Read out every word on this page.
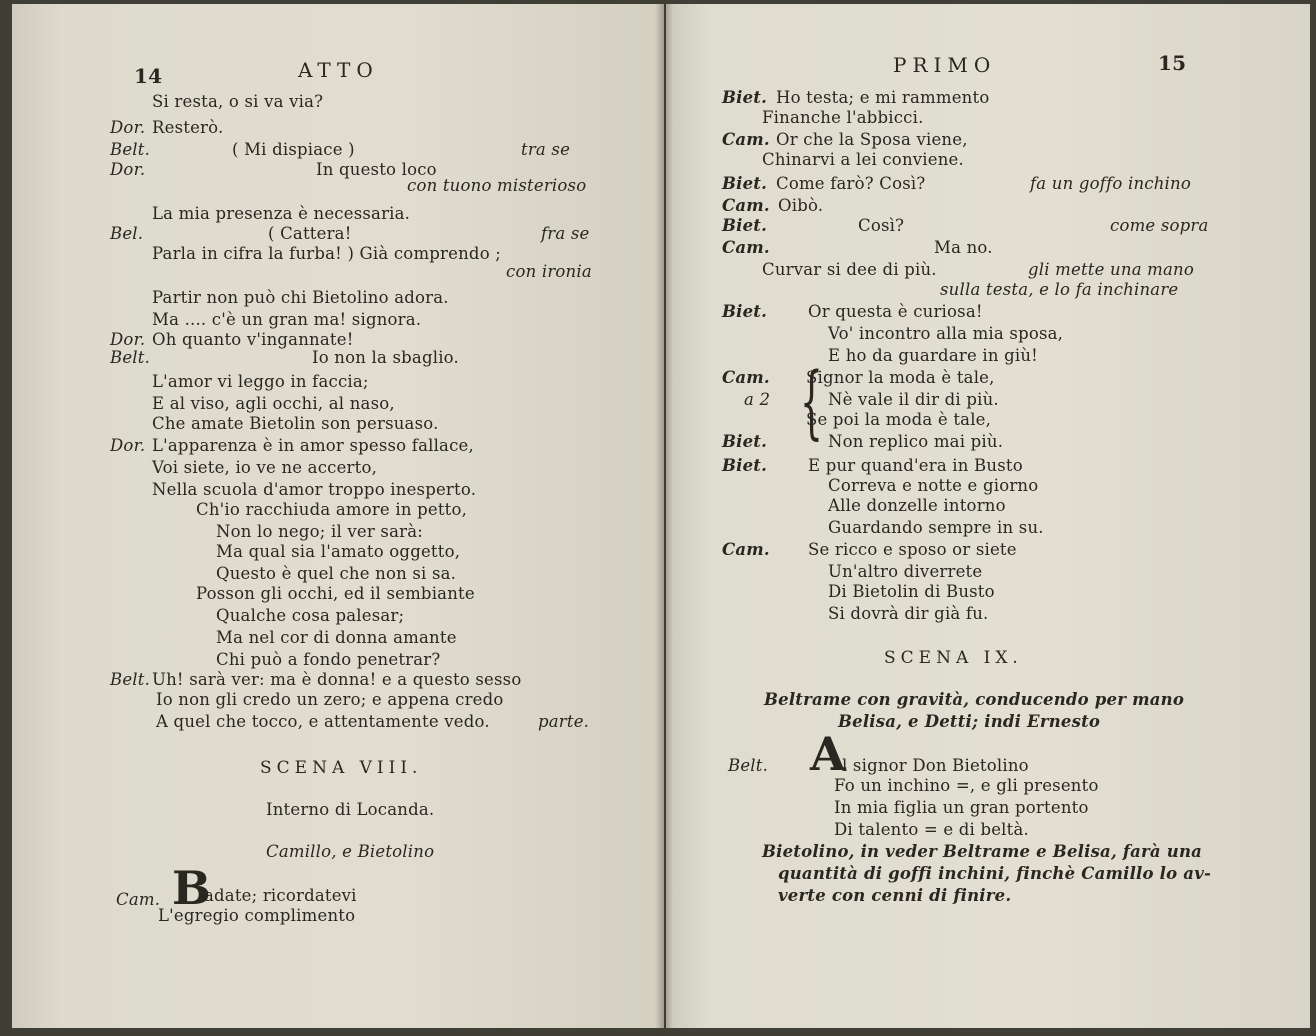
14	ATTO
Si resta, o si va via?
Dor. Resterò.
Belt.	( Mi dispiace )	tra se
Dor.	In questo loco
con tuono misterioso
La mia presenza è necessaria.
Bel.	( Cattera!	fra se
Parla in cifra la furba! ) Già comprendo ;
con ironia
Partir non può chi Bietolino adora.
Ma .... c'è un gran ma! signora.
Dor. Oh quanto v'ingannate!
Belt.	Io non la sbaglio.
L'amor vi leggo in faccia;
E al viso, agli occhi, al naso,
Che amate Bietolin son persuaso.
Dor. L'apparenza è in amor spesso fallace,
Voi siete, io ve ne accerto,
Nella scuola d'amor troppo inesperto.
Ch'io racchiuda amore in petto,
Non lo nego; il ver sarà:
Ma qual sia l'amato oggetto,
Questo è quel che non si sa.
Posson gli occhi, ed il sembiante
Qualche cosa palesar;
Ma nel cor di donna amante
Chi può a fondo penetrar?
Belt. Uh! sarà ver: ma è donna! e a questo sesso
Io non gli credo un zero; e appena credo
A quel che tocco, e attentamente vedo.	parte.
SCENA VIII.
Interno di Locanda.
Camillo, e Bietolino
Cam. B
adate; ricordatevi
L'egregio complimento
PRIMO	15
Biet. Ho testa; e mi rammento
Finanche l'abbicci.
Cam. Or che la Sposa viene,
Chinarvi a lei conviene.
Biet. Come farò? Così?	fa un goffo inchino
Cam. Oibò.
Biet.	Così?	come sopra
Cam.	Ma no.
Curvar si dee di più.	gli mette una mano
sulla testa, e lo fa inchinare
Biet. Or questa è curiosa!
Vo' incontro alla mia sposa,
E ho da guardare in giù!
Cam. Signor la moda è tale,
a 2	Nè vale il dir di più.
Se poi la moda è tale,
Biet.	Non replico mai più.
Biet. E pur quand'era in Busto
Correva e notte e giorno
Alle donzelle intorno
Guardando sempre in su.
Cam. Se ricco e sposo or siete
Un'altro diverrete
Di Bietolin di Busto
Si dovrà dir già fu.
{
SCENA IX.
Beltrame con gravità, conducendo per mano
Belisa, e Detti; indi Ernesto
Belt. A
l signor Don Bietolino
Fo un inchino =, e gli presento
In mia figlia un gran portento
Di talento = e di beltà.
Bietolino, in veder Beltrame e Belisa, farà una
quantità di goffi inchini, finchè Camillo lo av-
verte con cenni di finire.
